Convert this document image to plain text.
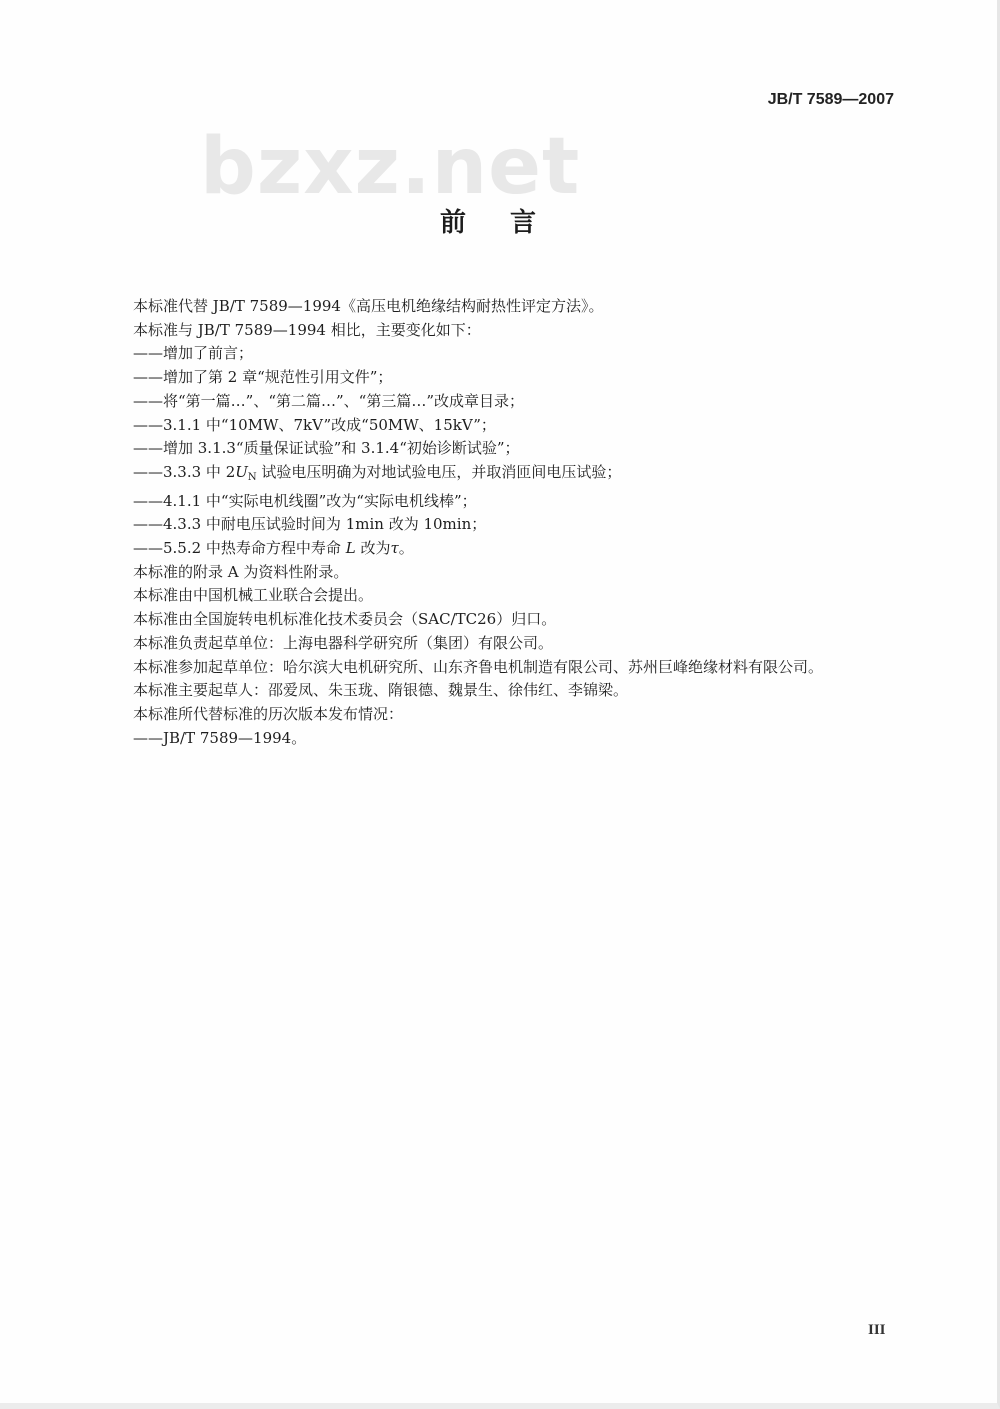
JB/T 7589—2007
bzxz.net
前言

本标准代替 JB/T 7589—1994《高压电机绝缘结构耐热性评定方法》。

本标准与 JB/T 7589—1994 相比，主要变化如下：

——增加了前言；

——增加了第 2 章“规范性引用文件”；

——将“第一篇…”、“第二篇…”、“第三篇…”改成章目录；

——3.1.1 中“10MW、7kV”改成“50MW、15kV”；

——增加 3.1.3“质量保证试验”和 3.1.4“初始诊断试验”；

——3.3.3 中 $2U_N$ 试验电压明确为对地试验电压，并取消匝间电压试验；

——4.1.1 中“实际电机线圈”改为“实际电机线棒”；

——4.3.3 中耐电压试验时间为 1min 改为 10min；

——5.5.2 中热寿命方程中寿命 L 改为τ。

本标准的附录 A 为资料性附录。

本标准由中国机械工业联合会提出。

本标准由全国旋转电机标准化技术委员会（SAC/TC26）归口。

本标准负责起草单位：上海电器科学研究所（集团）有限公司。

本标准参加起草单位：哈尔滨大电机研究所、山东齐鲁电机制造有限公司、苏州巨峰绝缘材料有限公司。

本标准主要起草人：邵爱凤、朱玉珑、隋银德、魏景生、徐伟红、李锦梁。

本标准所代替标准的历次版本发布情况：

——JB/T 7589—1994。

III
